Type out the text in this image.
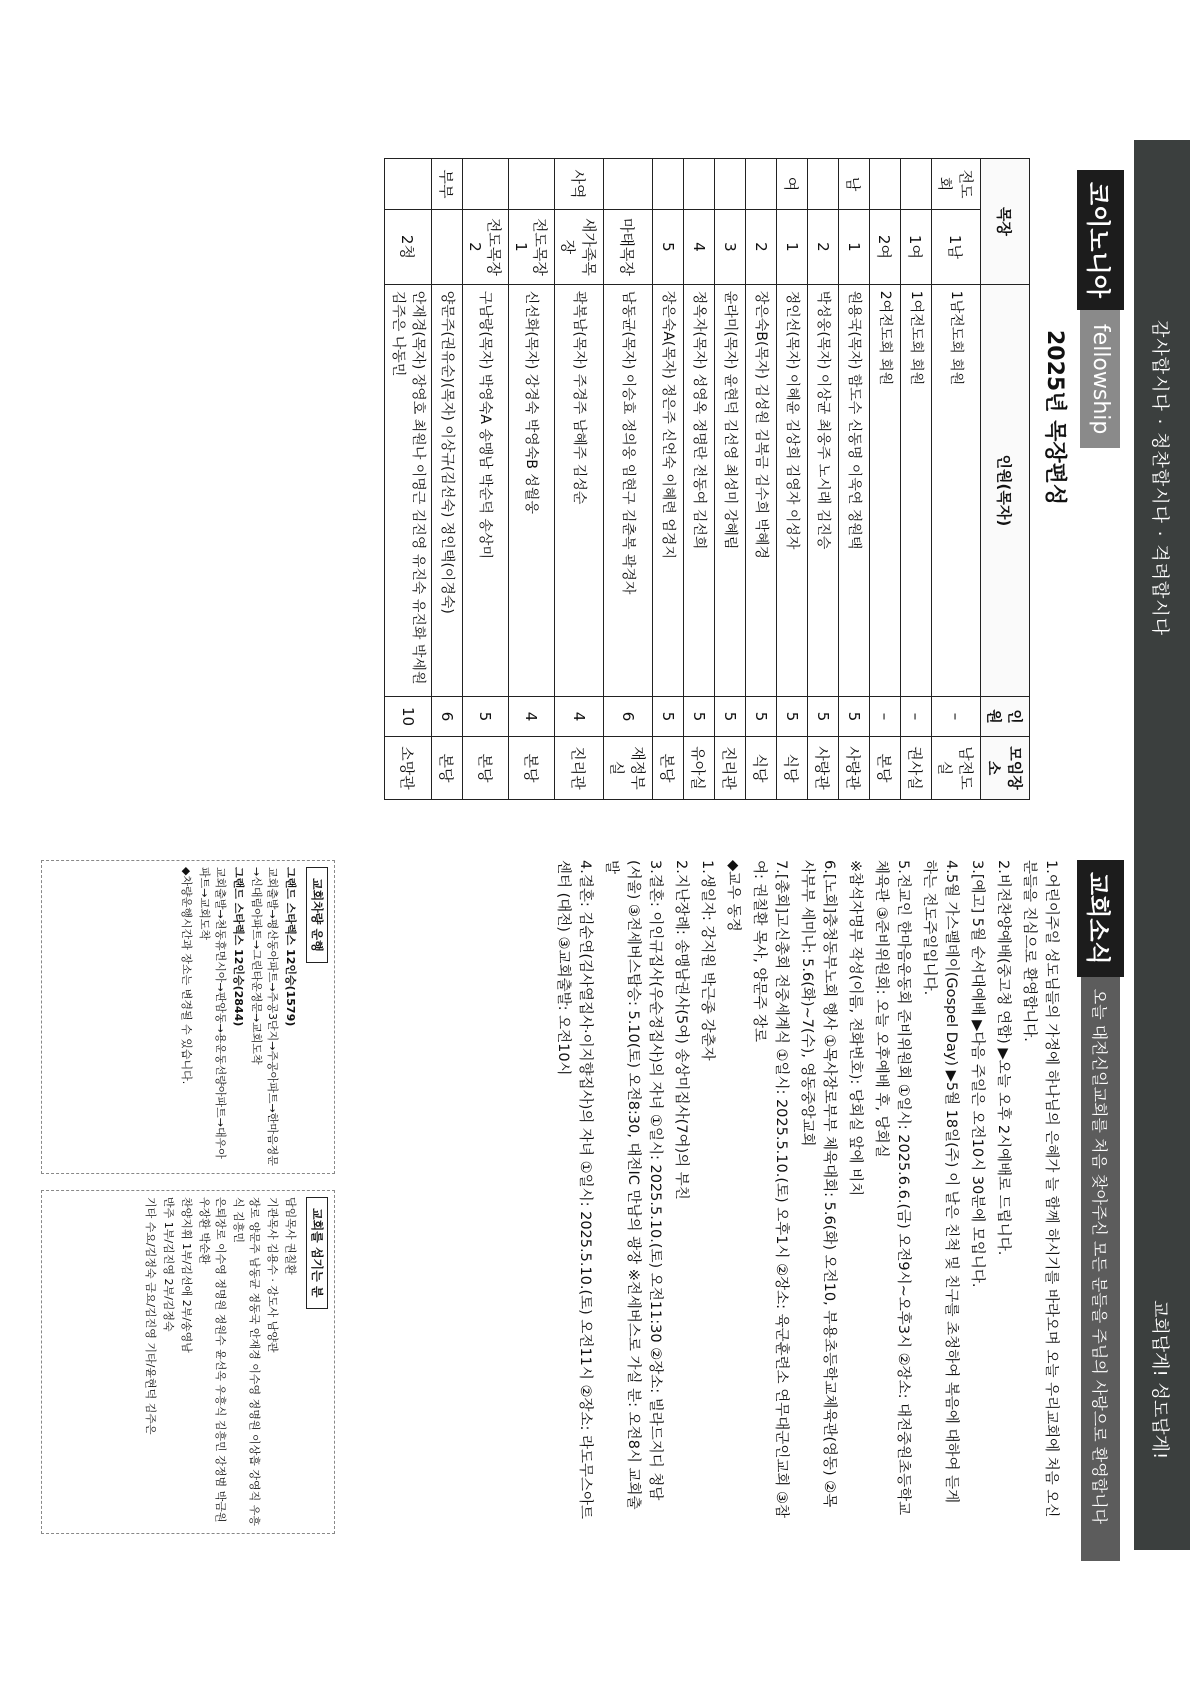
감사합시다 · 청찬합시다 · 격려합시다
교회답게! 성도답게!
코이노니아
fellowship
2025년 목장편성
목장		인원(목자)	인원	모임장소
전도회	1남	1남전도회 회원	–	남전도실
	1여	1여전도회 회원	–	권사실
	2여	2여전도회 회원	–	본당
남	1	원용국(목자) 함도수 신동명 이욱연 정원택	5	사랑관
	2	박성웅(목자) 이상균 최웅주 노시래 김진승	5	사랑관
여	1	정인선(목자) 이혜윤 김상희 김영자 이성자	5	식당
	2	장은숙B(목자) 김성원 김복금 김수희 박혜경	5	식당
	3	윤라미(목자) 윤현덕 김선영 최성미 강혜림	5	진리관
	4	정옥자(목자) 성영옥 정명란 전동여 김선희	5	유아실
	5	장은숙A(목자) 정은주 신언숙 이혜련 엄경지	5	본당
	마태목장	남동균(목자) 이승효 정의웅 임현구 김춘복 곽경자	6	재정부실
사역	새가족목장	곽복남(목자) 주경주 남혜주 김성순	4	진리관
	전도목장 1	신선화(목자) 강경숙 박영숙B 성월웅	4	본당
	전도목장 2	구남랑(목자) 박영숙A 송맹남 박순덕 송상미	5	본당
부부		양문주(권유순)(목자) 이상규(김선숙) 정인택(이경숙)	6	본당
	2청	안재경(목자) 장영호 최원나 이명근 김진영 유진숙 유진화 박세원 김주은 나동민	10	소망관
교회소식
오늘 대전신일교회를 처음 찾아주신 모든 분들을 주님의 사랑으로 환영합니다

1.어린이주일 성도님들의 가정에 하나님의 은혜가 늘 함께 하시기를 바라오며 오늘 우리교회에 처음 오신 분들을 진심으로 환영합니다.

2.비전찬양예배(중고청 연합) ▶오늘 오후 2시예배로 드립니다.

3.[예고] 5월 순서대예배 ▶다음 주일은 오전10시 30분에 모입니다.

4.5월 가스펠데이(Gospel Day) ▶5월 18일(주) 이 날은 친척 및 친구를 초청하여 복음에 대하여 듣게 하는 전도주일입니다.

5.전교인 한마음운동회 준비위원회 ①일시: 2025.6.6.(금) 오전9시~오후3시 ②장소: 대전중원초등학교 체육관 ③준비위원회: 오늘 오후예배 후, 당회실

※참석자명부 작성(이름, 전화번호): 당회실 앞에 비치

6.[노회]충청동부노회 행사 ①목사장로부부 체육대회: 5.6(화) 오전10, 부용초등학교체육관(영동) ②목사부부 세미나: 5.6(화)~7(수), 영동중앙교회

7.[총회]고신총회 전중세계식 ①일시: 2025.5.10.(토) 오후1시 ②장소: 육군훈련소 연무대군인교회 ③참여: 권칠환 목사, 양문주 장로

◆교우 동정

1.생일자: 강지원 박근종 강춘자

2.지난장례: 송맹남권사(5여) 송상미집사(7여)의 부친

3.결혼: 이인규집사(우순정집사)의 자녀 ①일시: 2025.5.10.(토) 오전11:30 ②장소: 빌라드지디 청담(서울) ③전세버스탑승: 5.10(토) 오전8:30, 대전IC 만남의 광장 ※전세버스로 가실 분: 오전8시 교회출발

4.결혼: 김순연(김사열집사·이지향집사)의 자녀 ①일시: 2025.5.10.(토) 오전11시 ②장소: 라도무스아트센터 (대전) ③교회출발: 오전10시

교회차량 운행

그랜드 스타렉스 12인승(1579)

교회출발→평산동아파트→주공3단지→주공아파트→한마음정문→신대림아파트→그린타운정문→교회도착

그랜드 스타렉스 12인승(2844)

교회출발→천동휴먼시아→판암동→용운동선량아파트→대우아파트→교회도착

◆차량운행시간과 장소는 변경될 수 있습니다.

교회를 섬기는 분

담임목사 권칠환

기관목사 김용수 · 강도사 남양관

장로 양문주 남동균 정동국 안재경 이수영 정명원 이상흡 강영직 우흥식 김흥민

은퇴장로 이수영 정명원 정원수 윤선옥 우흥식 김흥민 강정범 박금원 우장환 박순환

찬양지휘 1부/김선애 2부/송영남

반주 1부/김진영 2부/김정숙

기타 수요/김정숙 금요/김진영 기타/윤현덕 김주은
